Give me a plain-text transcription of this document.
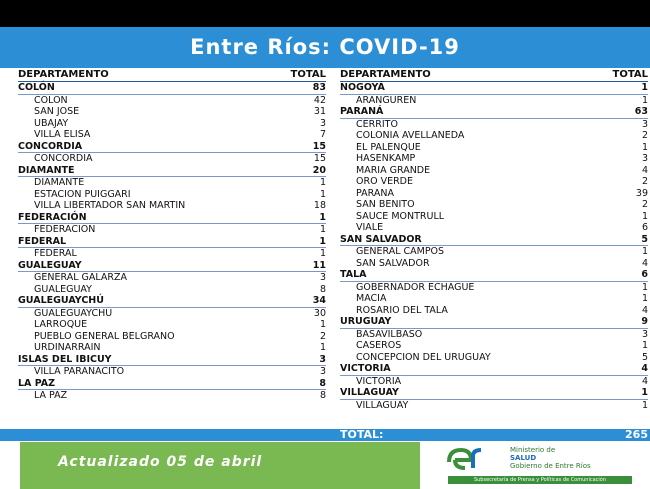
Entre Ríos: COVID-19
DEPARTAMENTO	TOTAL
COLÓN	83
COLON	42
SAN JOSE	31
UBAJAY	3
VILLA ELISA	7
CONCORDIA	15
CONCORDIA	15
DIAMANTE	20
DIAMANTE	1
ESTACION PUIGGARI	1
VILLA LIBERTADOR SAN MARTIN	18
FEDERACIÓN	1
FEDERACION	1
FEDERAL	1
FEDERAL	1
GUALEGUAY	11
GENERAL GALARZA	3
GUALEGUAY	8
GUALEGUAYCHÚ	34
GUALEGUAYCHU	30
LARROQUE	1
PUEBLO GENERAL BELGRANO	2
URDINARRAIN	1
ISLAS DEL IBICUY	3
VILLA PARANACITO	3
LA PAZ	8
LA PAZ	8
DEPARTAMENTO	TOTAL
NOGOYÁ	1
ARANGUREN	1
PARANÁ	63
CERRITO	3
COLONIA AVELLANEDA	2
EL PALENQUE	1
HASENKAMP	3
MARIA GRANDE	4
ORO VERDE	2
PARANA	39
SAN BENITO	2
SAUCE MONTRULL	1
VIALE	6
SAN SALVADOR	5
GENERAL CAMPOS	1
SAN SALVADOR	4
TALA	6
GOBERNADOR ECHAGUE	1
MACIA	1
ROSARIO DEL TALA	4
URUGUAY	9
BASAVILBASO	3
CASEROS	1
CONCEPCION DEL URUGUAY	5
VICTORIA	4
VICTORIA	4
VILLAGUAY	1
VILLAGUAY	1
TOTAL:	265
Actualizado 05 de abril
Ministerio de
SALUD
Gobierno de Entre Ríos
Subsecretaría de Prensa y Políticas de Comunicación
